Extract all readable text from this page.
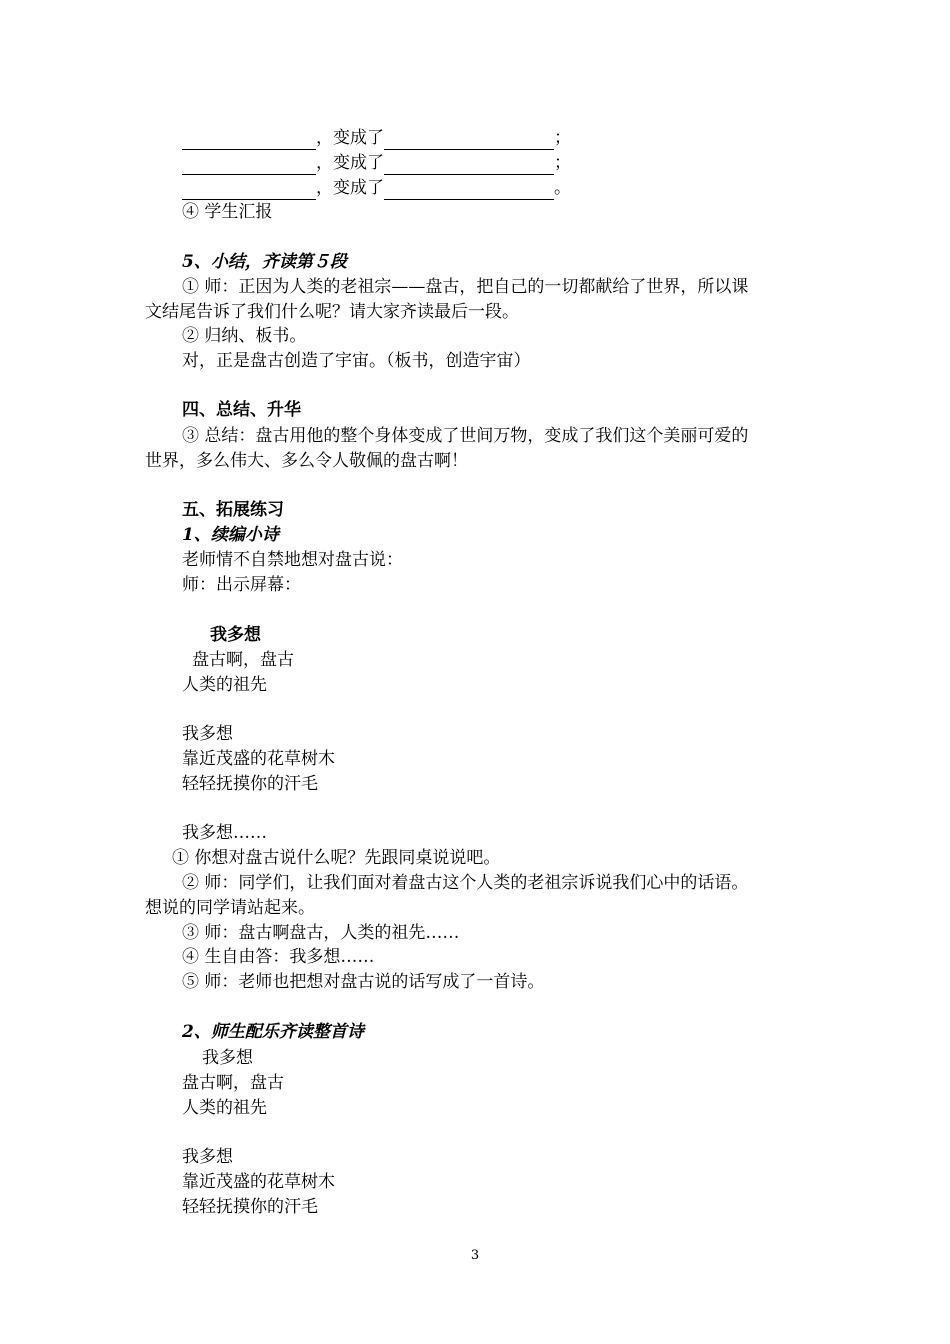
，变成了	；
，变成了	；
，变成了	。
④ 学生汇报
5、小结，齐读第５段
① 师：正因为人类的老祖宗——盘古，把自己的一切都献给了世界，所以课
文结尾告诉了我们什么呢？请大家齐读最后一段。
② 归纳、板书。
对，正是盘古创造了宇宙。（板书，创造宇宙）
四、总结、升华
③ 总结：盘古用他的整个身体变成了世间万物，变成了我们这个美丽可爱的
世界，多么伟大、多么令人敬佩的盘古啊！
五、拓展练习
1、续编小诗
老师情不自禁地想对盘古说：
师：出示屏幕：
我多想
盘古啊，盘古
人类的祖先
我多想
靠近茂盛的花草树木
轻轻抚摸你的汗毛
我多想……
① 你想对盘古说什么呢？先跟同桌说说吧。
② 师：同学们，让我们面对着盘古这个人类的老祖宗诉说我们心中的话语。
想说的同学请站起来。
③ 师：盘古啊盘古，人类的祖先……
④ 生自由答：我多想……
⑤ 师：老师也把想对盘古说的话写成了一首诗。
2、师生配乐齐读整首诗
我多想
盘古啊，盘古
人类的祖先
我多想
靠近茂盛的花草树木
轻轻抚摸你的汗毛
3
